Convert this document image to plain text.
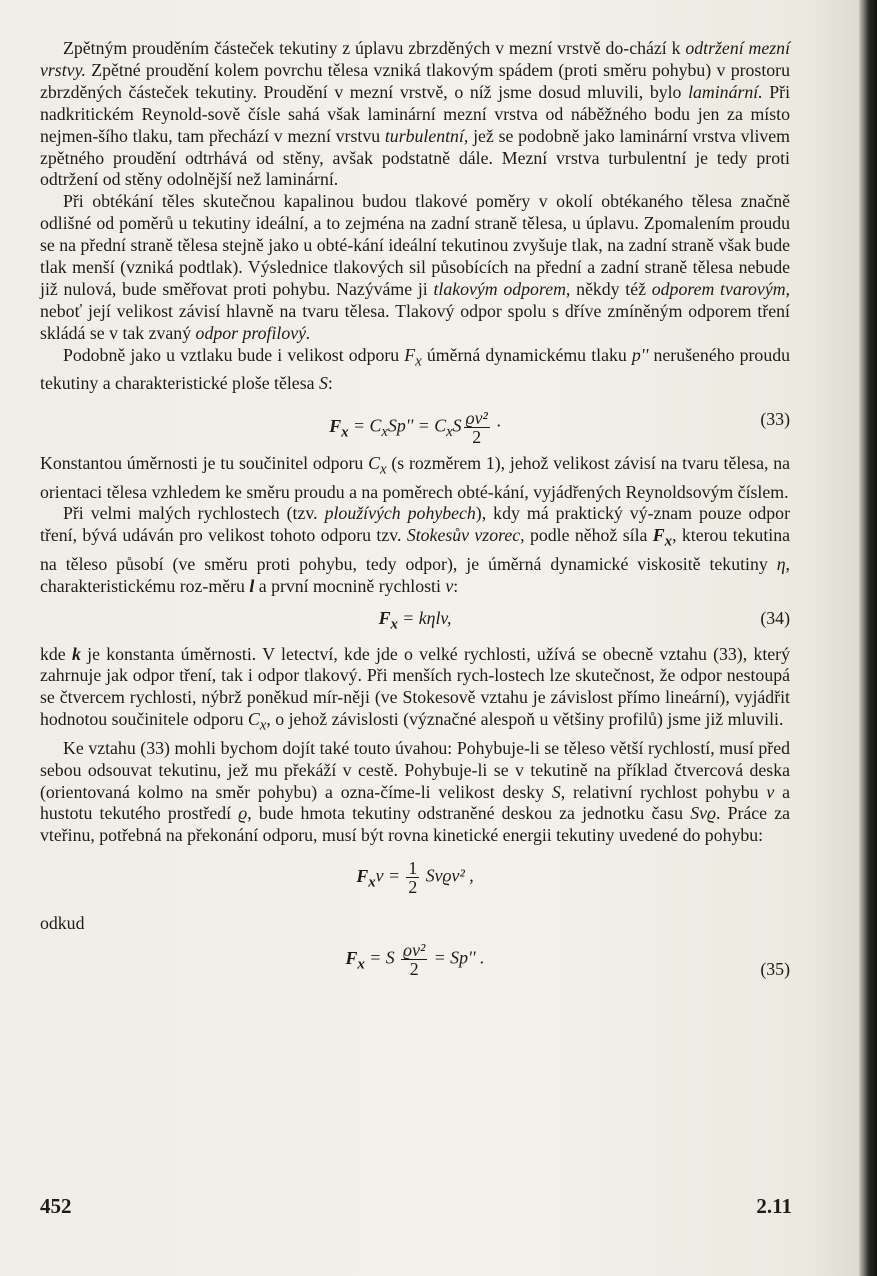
Zpětným prouděním částeček tekutiny z úplavu zbrzděných v mezní vrstvě do-chází k odtržení mezní vrstvy. Zpětné proudění kolem povrchu tělesa vzniká tlakovým spádem (proti směru pohybu) v prostoru zbrzděných částeček tekutiny. Proudění v mezní vrstvě, o níž jsme dosud mluvili, bylo laminární. Při nadkritickém Reynold-sově čísle sahá však laminární mezní vrstva od náběžného bodu jen za místo nejmen-šího tlaku, tam přechází v mezní vrstvu turbulentní, jež se podobně jako laminární vrstva vlivem zpětného proudění odtrhává od stěny, avšak podstatně dále. Mezní vrstva turbulentní je tedy proti odtržení od stěny odolnější než laminární.

Při obtékání těles skutečnou kapalinou budou tlakové poměry v okolí obtékaného tělesa značně odlišné od poměrů u tekutiny ideální, a to zejména na zadní straně tělesa, u úplavu. Zpomalením proudu se na přední straně tělesa stejně jako u obté-kání ideální tekutinou zvyšuje tlak, na zadní straně však bude tlak menší (vzniká podtlak). Výslednice tlakových sil působících na přední a zadní straně tělesa nebude již nulová, bude směřovat proti pohybu. Nazýváme ji tlakovým odporem, někdy též odporem tvarovým, neboť její velikost závisí hlavně na tvaru tělesa. Tlakový odpor spolu s dříve zmíněným odporem tření skládá se v tak zvaný odpor profilový.

Podobně jako u vztlaku bude i velikost odporu $F_x$ úměrná dynamickému tlaku p'' nerušeného proudu tekutiny a charakteristické ploše tělesa S:

$F_x = C_xSp'' = C_xS \frac{\text{ϱv²}}{2}$ ·	(33)

Konstantou úměrnosti je tu součinitel odporu $C_x$ (s rozměrem 1), jehož velikost závisí na tvaru tělesa, na orientaci tělesa vzhledem ke směru proudu a na poměrech obté-kání, vyjádřených Reynoldsovým číslem.

Při velmi malých rychlostech (tzv. ploužívých pohybech), kdy má praktický vý-znam pouze odpor tření, bývá udáván pro velikost tohoto odporu tzv. Stokesův vzorec, podle něhož síla $F_x$, kterou tekutina na těleso působí (ve směru proti pohybu, tedy odpor), je úměrná dynamické viskositě tekutiny η, charakteristickému roz-měru l a první mocnině rychlosti v:

$F_x = k\eta lv$,	(34)

kde k je konstanta úměrnosti. V letectví, kde jde o velké rychlosti, užívá se obecně vztahu (33), který zahrnuje jak odpor tření, tak i odpor tlakový. Při menších rych-lostech lze skutečnost, že odpor nestoupá se čtvercem rychlosti, nýbrž poněkud mír-něji (ve Stokesově vztahu je závislost přímo lineární), vyjádřit hodnotou součinitele odporu $C_x$, o jehož závislosti (význačné alespoň u většiny profilů) jsme již mluvili.

Ke vztahu (33) mohli bychom dojít také touto úvahou: Pohybuje-li se těleso větší rychlostí, musí před sebou odsouvat tekutinu, jež mu překáží v cestě. Pohybuje-li se v tekutině na příklad čtvercová deska (orientovaná kolmo na směr pohybu) a ozna-číme-li velikost desky S, relativní rychlost pohybu v a hustotu tekutého prostředí ϱ, bude hmota tekutiny odstraněné deskou za jednotku času Svϱ. Práce za vteřinu, potřebná na překonání odporu, musí být rovna kinetické energii tekutiny uvedené do pohybu:

$F_xv = \frac{1}{2} Svϱv^2$ ,
odkud
$F_x = S \frac{\text{ϱv²}}{2} = Sp''$ .
(35)
452	2.11
